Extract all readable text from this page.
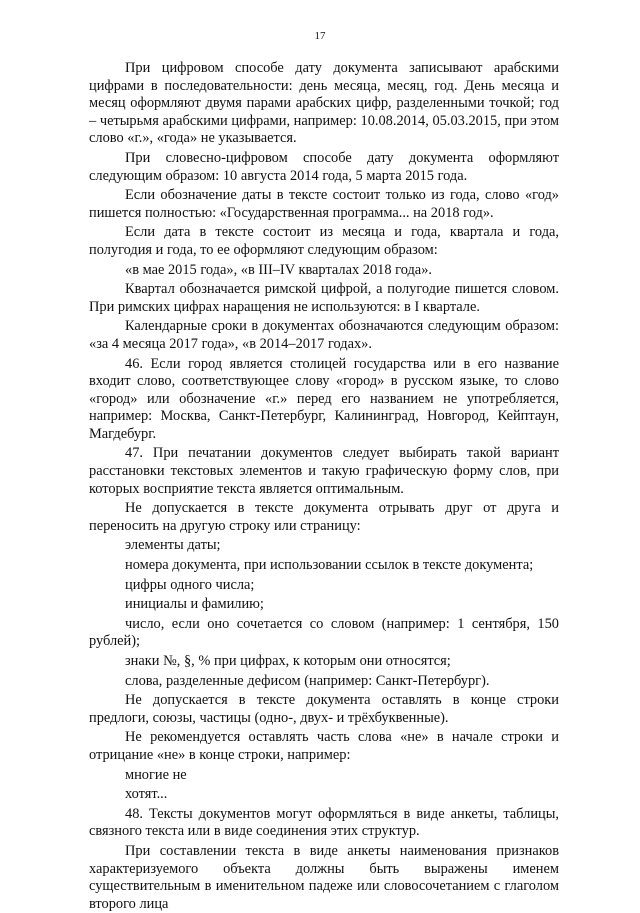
17

При цифровом способе дату документа записывают арабскими цифрами в последовательности: день месяца, месяц, год. День месяца и месяц оформляют двумя парами арабских цифр, разделенными точкой; год – четырьмя арабскими цифрами, например: 10.08.2014, 05.03.2015, при этом слово «г.», «года» не указывается.

При словесно-цифровом способе дату документа оформляют следующим образом: 10 августа 2014 года, 5 марта 2015 года.

Если обозначение даты в тексте состоит только из года, слово «год» пишется полностью: «Государственная программа... на 2018 год».

Если дата в тексте состоит из месяца и года, квартала и года, полугодия и года, то ее оформляют следующим образом:

«в мае 2015 года», «в III–IV кварталах 2018 года».

Квартал обозначается римской цифрой, а полугодие пишется словом. При римских цифрах наращения не используются: в I квартале.

Календарные сроки в документах обозначаются следующим образом: «за 4 месяца 2017 года», «в 2014–2017 годах».

46. Если город является столицей государства или в его название входит слово, соответствующее слову «город» в русском языке, то слово «город» или обозначение «г.» перед его названием не употребляется, например: Москва, Санкт-Петербург, Калининград, Новгород, Кейптаун, Магдебург.

47. При печатании документов следует выбирать такой вариант расстановки текстовых элементов и такую графическую форму слов, при которых восприятие текста является оптимальным.

Не допускается в тексте документа отрывать друг от друга и переносить на другую строку или страницу:

элементы даты;

номера документа, при использовании ссылок в тексте документа;

цифры одного числа;

инициалы и фамилию;

число, если оно сочетается со словом (например: 1 сентября, 150 рублей);

знаки №, §, % при цифрах, к которым они относятся;

слова, разделенные дефисом (например: Санкт-Петербург).

Не допускается в тексте документа оставлять в конце строки предлоги, союзы, частицы (одно-, двух- и трёхбуквенные).

Не рекомендуется оставлять часть слова «не» в начале строки и отрицание «не» в конце строки, например:

многие не

хотят...

48. Тексты документов могут оформляться в виде анкеты, таблицы, связного текста или в виде соединения этих структур.

При составлении текста в виде анкеты наименования признаков характеризуемого объекта должны быть выражены именем существительным в именительном падеже или словосочетанием с глаголом второго лица
